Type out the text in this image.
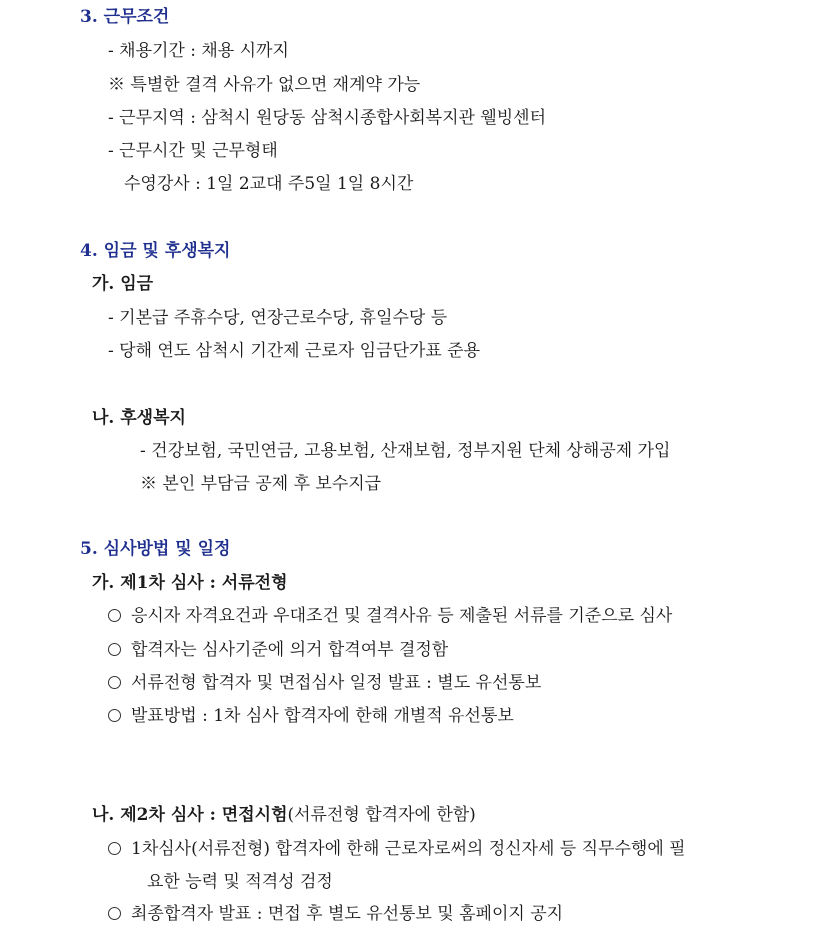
3. 근무조건
- 채용기간 : 채용 시까지
※ 특별한 결격 사유가 없으면 재계약 가능
- 근무지역 : 삼척시 원당동 삼척시종합사회복지관 웰빙센터
- 근무시간 및 근무형태
수영강사 : 1일 2교대 주5일 1일 8시간
4. 임금 및 후생복지
가. 임금
- 기본급 주휴수당, 연장근로수당, 휴일수당 등
- 당해 연도 삼척시 기간제 근로자 임금단가표 준용
나. 후생복지
- 건강보험, 국민연금, 고용보험, 산재보험, 정부지원 단체 상해공제 가입
※ 본인 부담금 공제 후 보수지급
5. 심사방법 및 일정
가. 제1차 심사 : 서류전형
응시자 자격요건과 우대조건 및 결격사유 등 제출된 서류를 기준으로 심사
합격자는 심사기준에 의거 합격여부 결정함
서류전형 합격자 및 면접심사 일정 발표 : 별도 유선통보
발표방법 : 1차 심사 합격자에 한해 개별적 유선통보
나. 제2차 심사 : 면접시험(서류전형 합격자에 한함)
1차심사(서류전형) 합격자에 한해 근로자로써의 정신자세 등 직무수행에 필
요한 능력 및 적격성 검정
최종합격자 발표 : 면접 후 별도 유선통보 및 홈페이지 공지
